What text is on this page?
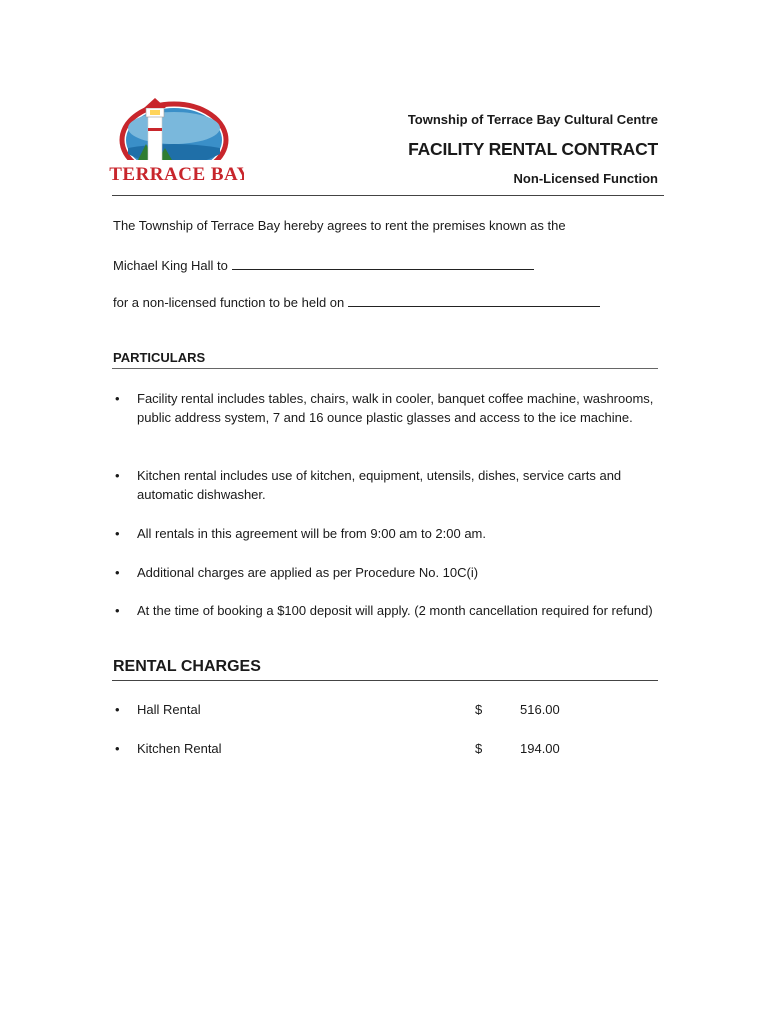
TERRACE BAY
Township of Terrace Bay Cultural Centre
FACILITY RENTAL CONTRACT
Non-Licensed Function
The Township of Terrace Bay hereby agrees to rent the premises known as the
Michael King Hall to
for a non-licensed function to be held on
PARTICULARS
• Facility rental includes tables, chairs, walk in cooler, banquet coffee machine, washrooms, public address system, 7 and 16 ounce plastic glasses and access to the ice machine.
• Kitchen rental includes use of kitchen, equipment, utensils, dishes, service carts and automatic dishwasher.
• All rentals in this agreement will be from 9:00 am to 2:00 am.
• Additional charges are applied as per Procedure No. 10C(i)
• At the time of booking a $100 deposit will apply. (2 month cancellation required for refund)
RENTAL CHARGES
• Hall Rental	$	516.00
• Kitchen Rental	$	194.00
